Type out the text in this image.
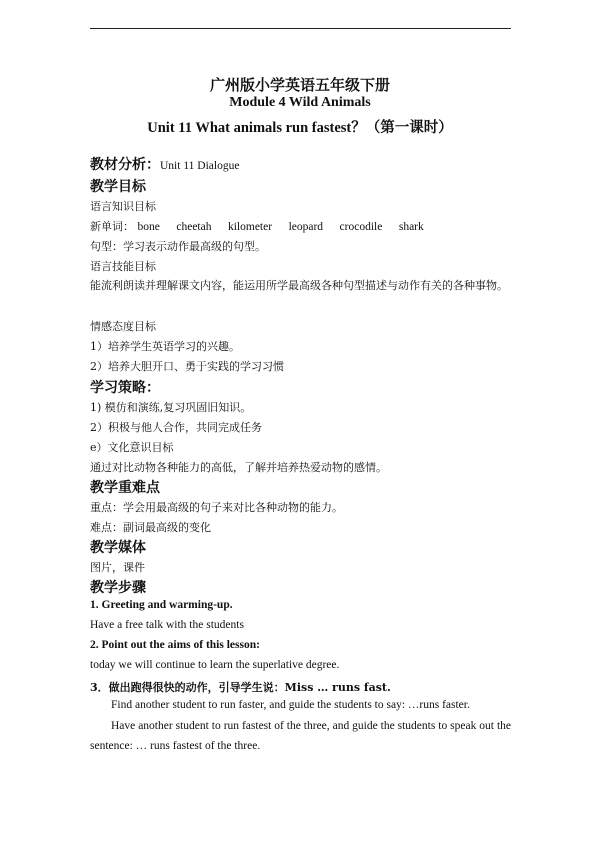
广州版小学英语五年级下册
Module 4 Wild Animals
Unit 11 What animals run fastest？（第一课时）
教材分析：Unit 11 Dialogue
教学目标
语言知识目标
新单词： bone cheetah kilometer leopard crocodile shark
句型：学习表示动作最高级的句型。
语言技能目标
能流利朗读并理解课文内容，能运用所学最高级各种句型描述与动作有关的各种事物。
情感态度目标
1）培养学生英语学习的兴趣。
2）培养大胆开口、勇于实践的学习习惯
学习策略：
1) 模仿和演练,复习巩固旧知识。
2）积极与他人合作，共同完成任务
e）文化意识目标
通过对比动物各种能力的高低，了解并培养热爱动物的感情。
教学重难点
重点：学会用最高级的句子来对比各种动物的能力。
难点：副词最高级的变化
教学媒体
图片，课件
教学步骤
1. Greeting and warming-up.
Have a free talk with the students
2. Point out the aims of this lesson:
today we will continue to learn the superlative degree.
3．做出跑得很快的动作，引导学生说：Miss … runs fast.
Find another student to run faster, and guide the students to say: …runs faster.
Have another student to run fastest of the three, and guide the students to speak out the sentence: … runs fastest of the three.
